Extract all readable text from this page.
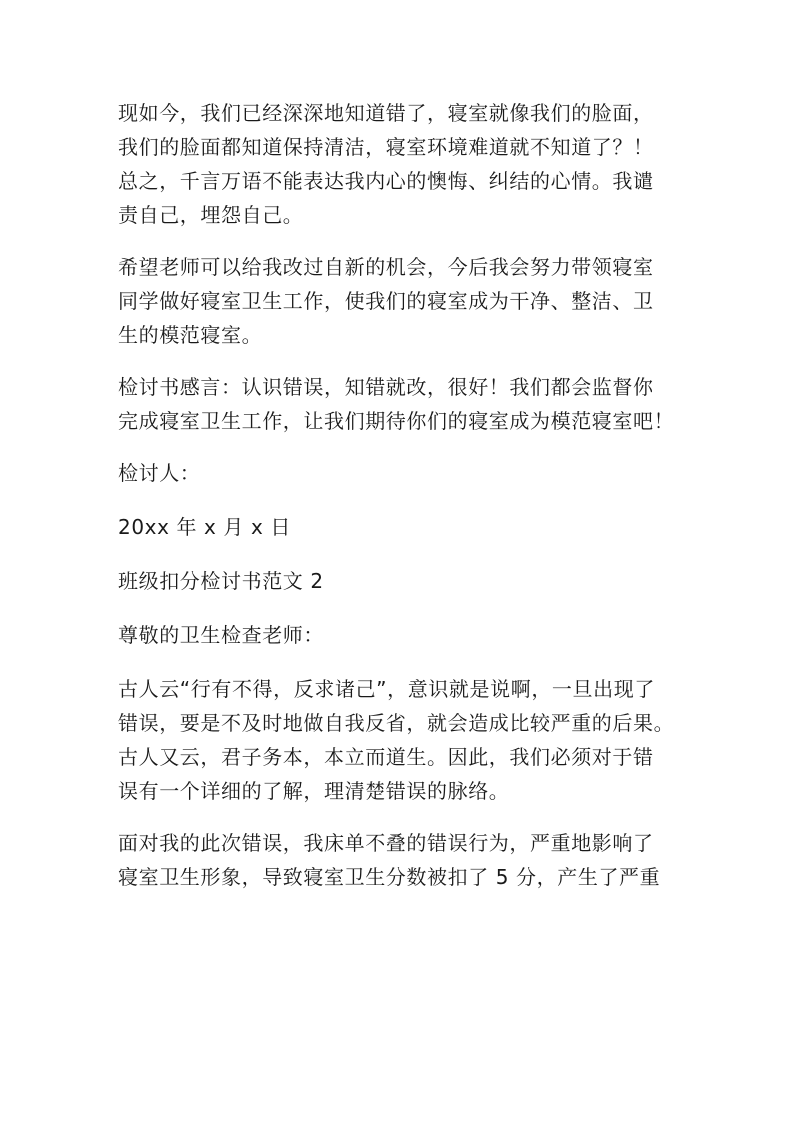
现如今，我们已经深深地知道错了，寝室就像我们的脸面，
我们的脸面都知道保持清洁，寝室环境难道就不知道了？！
总之，千言万语不能表达我内心的懊悔、纠结的心情。我谴
责自己，埋怨自己。
希望老师可以给我改过自新的机会，今后我会努力带领寝室
同学做好寝室卫生工作，使我们的寝室成为干净、整洁、卫
生的模范寝室。
检讨书感言：认识错误，知错就改，很好！我们都会监督你
完成寝室卫生工作，让我们期待你们的寝室成为模范寝室吧！
检讨人：
20xx 年 x 月 x 日
班级扣分检讨书范文 2
尊敬的卫生检查老师：
古人云“行有不得，反求诸己”，意识就是说啊，一旦出现了
错误，要是不及时地做自我反省，就会造成比较严重的后果。
古人又云，君子务本，本立而道生。因此，我们必须对于错
误有一个详细的了解，理清楚错误的脉络。
面对我的此次错误，我床单不叠的错误行为，严重地影响了
寝室卫生形象，导致寝室卫生分数被扣了 5 分，产生了严重
